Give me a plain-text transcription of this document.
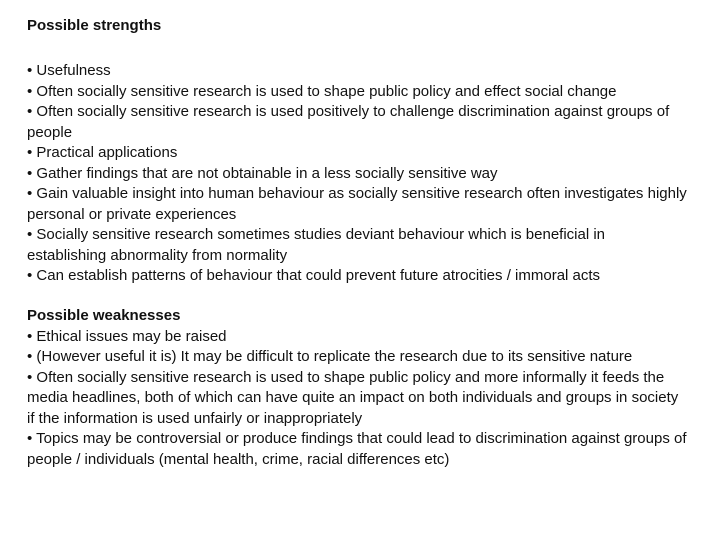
Possible strengths

• Usefulness

• Often socially sensitive research is used to shape public policy and effect social change

• Often socially sensitive research is used positively to challenge discrimination against groups of people

• Practical applications

• Gather findings that are not obtainable in a less socially sensitive way

• Gain valuable insight into human behaviour as socially sensitive research often investigates highly personal or private experiences

• Socially sensitive research sometimes studies deviant behaviour which is beneficial in establishing abnormality from normality

• Can establish patterns of behaviour that could prevent future atrocities / immoral acts

Possible weaknesses

• Ethical issues may be raised

• (However useful it is) It may be difficult to replicate the research due to its sensitive nature

• Often socially sensitive research is used to shape public policy and more informally it feeds the media headlines, both of which can have quite an impact on both individuals and groups in society if the information is used unfairly or inappropriately

• Topics may be controversial or produce findings that could lead to discrimination against groups of people / individuals (mental health, crime, racial differences etc)
